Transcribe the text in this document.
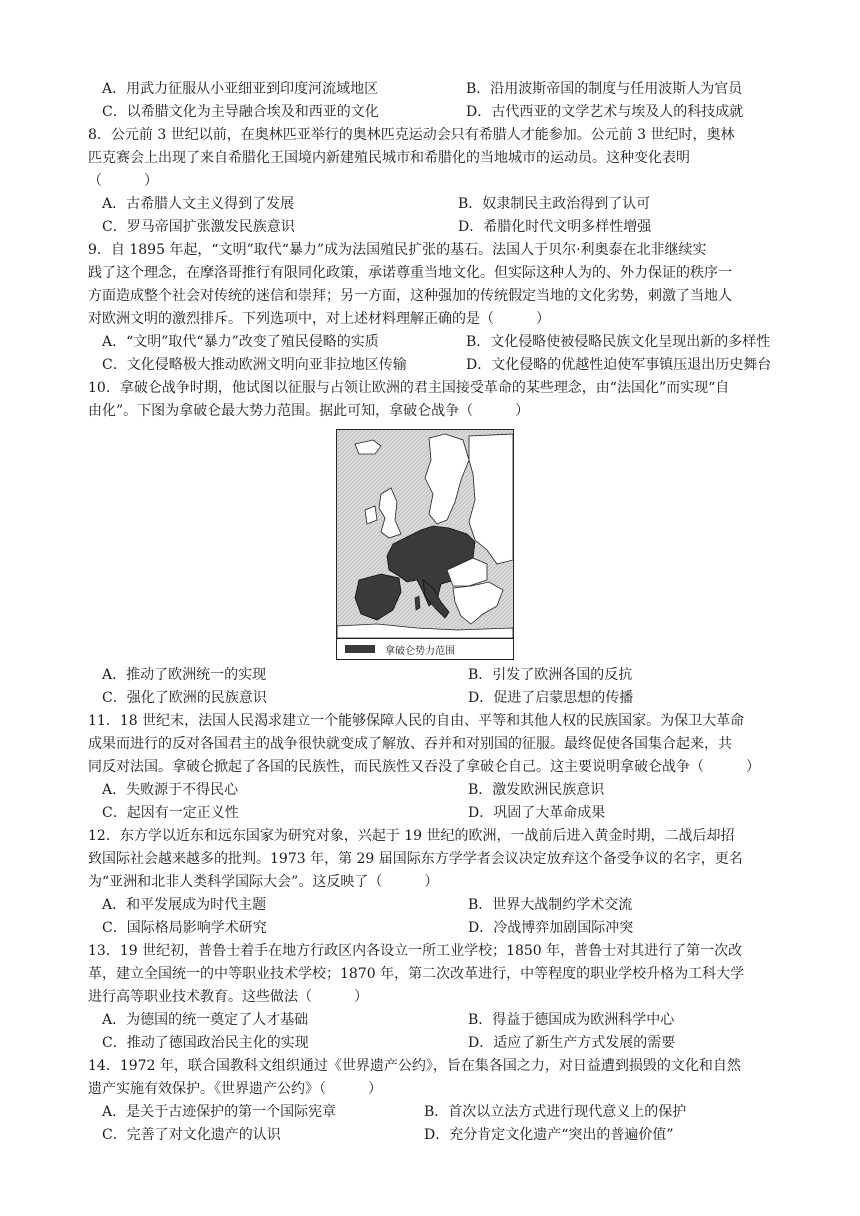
A．用武力征服从小亚细亚到印度河流域地区	B．沿用波斯帝国的制度与任用波斯人为官员
C．以希腊文化为主导融合埃及和西亚的文化	D．古代西亚的文学艺术与埃及人的科技成就
8．公元前 3 世纪以前，在奥林匹亚举行的奥林匹克运动会只有希腊人才能参加。公元前 3 世纪时，奥林
匹克赛会上出现了来自希腊化王国境内新建殖民城市和希腊化的当地城市的运动员。这种变化表明
（　　　）
A．古希腊人文主义得到了发展	B．奴隶制民主政治得到了认可
C．罗马帝国扩张激发民族意识	D．希腊化时代文明多样性增强
9．自 1895 年起，“文明”取代“暴力”成为法国殖民扩张的基石。法国人于贝尔·利奥泰在北非继续实
践了这个理念，在摩洛哥推行有限同化政策，承诺尊重当地文化。但实际这种人为的、外力保证的秩序一
方面造成整个社会对传统的迷信和崇拜；另一方面，这种强加的传统假定当地的文化劣势，刺激了当地人
对欧洲文明的激烈排斥。下列选项中，对上述材料理解正确的是（　　　）
A．“文明”取代“暴力”改变了殖民侵略的实质	B．文化侵略使被侵略民族文化呈现出新的多样性
C．文化侵略极大推动欧洲文明向亚非拉地区传输	D．文化侵略的优越性迫使军事镇压退出历史舞台
10．拿破仑战争时期，他试图以征服与占领让欧洲的君主国接受革命的某些理念，由“法国化”而实现“自
由化”。下图为拿破仑最大势力范围。据此可知，拿破仑战争（　　　）
拿破仑势力范围
A．推动了欧洲统一的实现	B．引发了欧洲各国的反抗
C．强化了欧洲的民族意识	D．促进了启蒙思想的传播
11．18 世纪末，法国人民渴求建立一个能够保障人民的自由、平等和其他人权的民族国家。为保卫大革命
成果而进行的反对各国君主的战争很快就变成了解放、吞并和对别国的征服。最终促使各国集合起来，共
同反对法国。拿破仑掀起了各国的民族性，而民族性又吞没了拿破仑自己。这主要说明拿破仑战争（　　　）
A．失败源于不得民心	B．激发欧洲民族意识
C．起因有一定正义性	D．巩固了大革命成果
12．东方学以近东和远东国家为研究对象，兴起于 19 世纪的欧洲，一战前后进入黄金时期，二战后却招
致国际社会越来越多的批判。1973 年，第 29 届国际东方学学者会议决定放弃这个备受争议的名字，更名
为“亚洲和北非人类科学国际大会”。这反映了（　　　）
A．和平发展成为时代主题	B．世界大战制约学术交流
C．国际格局影响学术研究	D．冷战博弈加剧国际冲突
13．19 世纪初，普鲁士着手在地方行政区内各设立一所工业学校；1850 年，普鲁士对其进行了第一次改
革，建立全国统一的中等职业技术学校；1870 年，第二次改革进行，中等程度的职业学校升格为工科大学
进行高等职业技术教育。这些做法（　　　）
A．为德国的统一奠定了人才基础	B．得益于德国成为欧洲科学中心
C．推动了德国政治民主化的实现	D．适应了新生产方式发展的需要
14．1972 年，联合国教科文组织通过《世界遗产公约》，旨在集各国之力，对日益遭到损毁的文化和自然
遗产实施有效保护。《世界遗产公约》（　　　）
A．是关于古迹保护的第一个国际宪章	B．首次以立法方式进行现代意义上的保护
C．完善了对文化遗产的认识	D．充分肯定文化遗产“突出的普遍价值”
